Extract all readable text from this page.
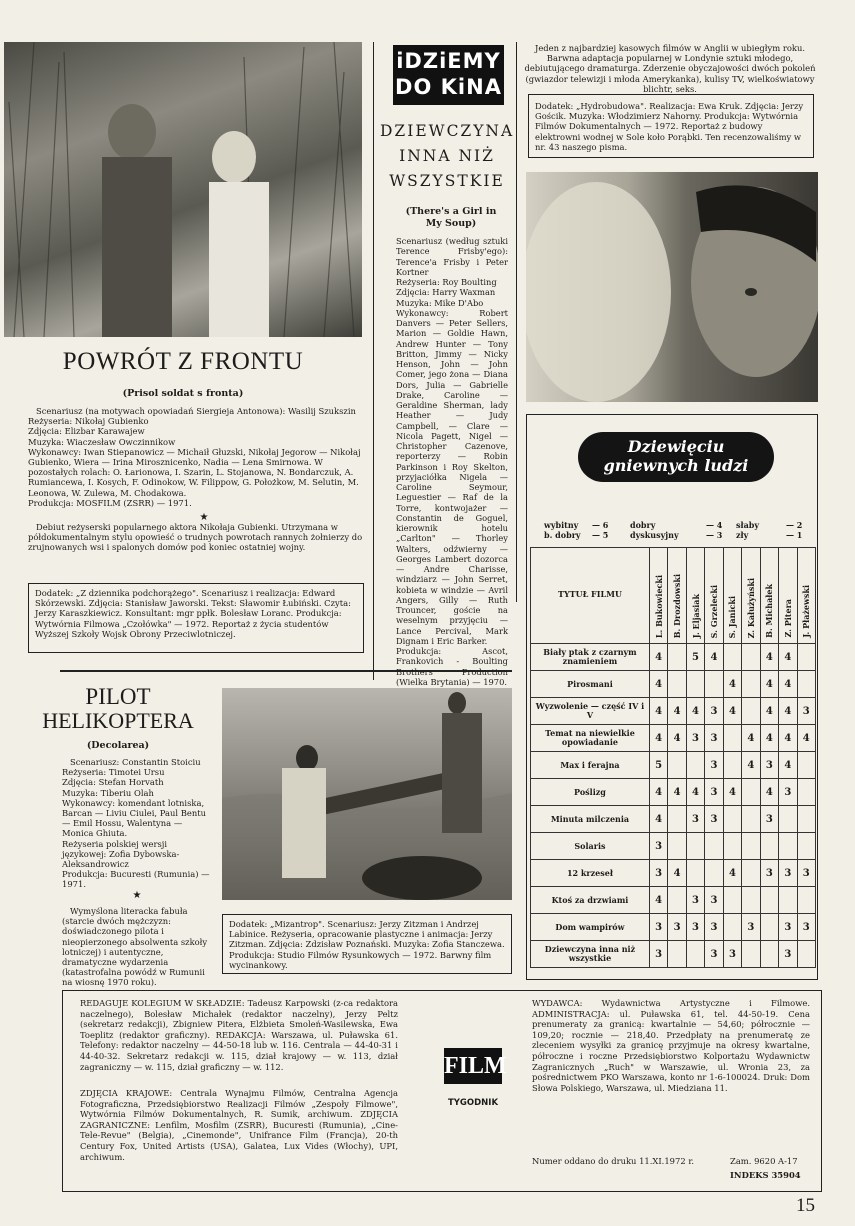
POWRÓT Z FRONTU
(Prisol soldat s fronta)
Scenariusz (na motywach opowiadań Siergieja Antonowa): Wasilij Szukszin
Reżyseria: Nikołaj Gubienko
Zdjęcia: Elizbar Karawajew
Muzyka: Wiaczesław Owczinnikow
Wykonawcy: Iwan Stiepanowicz — Michaił Głuzski, Nikołaj Jegorow — Nikołaj Gubienko, Wiera — Irina Mirosznicenko, Nadia — Lena Smirnowa. W pozostałych rolach: O. Łarionowa, I. Szarin, L. Stojanowa, N. Bondarczuk, A. Rumiancewa, I. Kosych, F. Odinokow, W. Filippow, G. Położkow, M. Selutin, M. Leonowa, W. Zulewa, M. Chodakowa.
Produkcja: MOSFILM (ZSRR) — 1971.
★
Debiut reżyserski popularnego aktora Nikołaja Gubienki. Utrzymana w półdokumentalnym stylu opowieść o trudnych powrotach rannych żołnierzy do zrujnowanych wsi i spalonych domów pod koniec ostatniej wojny.
Dodatek: „Z dziennika podchorążego". Scenariusz i realizacja: Edward Skórzewski. Zdjęcia: Stanisław Jaworski. Tekst: Sławomir Łubiński. Czyta: Jerzy Karaszkiewicz. Konsultant: mgr ppłk. Bolesław Loranc. Produkcja: Wytwórnia Filmowa „Czołówka" — 1972. Reportaż z życia studentów Wyższej Szkoły Wojsk Obrony Przeciwlotniczej.
PILOT
HELIKOPTERA
(Decolarea)
Scenariusz: Constantin Stoiciu
Reżyseria: Timotei Ursu
Zdjęcia: Stefan Horvath
Muzyka: Tiberiu Olah
Wykonawcy: komendant lotniska, Barcan — Liviu Ciulei, Paul Bentu — Emil Hossu, Walentyna — Monica Ghiuta.
Reżyseria polskiej wersji językowej: Zofia Dybowska-Aleksandrowicz
Produkcja: Bucuresti (Rumunia) — 1971.
★
Wymyślona literacka fabuła (starcie dwóch mężczyzn: doświadczonego pilota i nieopierzonego absolwenta szkoły lotniczej) i autentyczne, dramatyczne wydarzenia (katastrofalna powódź w Rumunii na wiosnę 1970 roku).
Dodatek: „Mizantrop". Scenariusz: Jerzy Zitzman i Andrzej Labinice. Reżyseria, opracowanie plastyczne i animacja: Jerzy Zitzman. Zdjęcia: Zdzisław Poznański. Muzyka: Zofia Stanczewa. Produkcja: Studio Filmów Rysunkowych — 1972. Barwny film wycinankowy.
iDZiEMY
DO KiNA
DZIEWCZYNA
INNA NIŻ
WSZYSTKIE
(There's a Girl in My Soup)
Scenariusz (według sztuki Terence Frisby'ego): Terence'a Frisby i Peter Kortner
Reżyseria: Roy Boulting
Zdjęcia: Harry Waxman
Muzyka: Mike D'Abo
Wykonawcy: Robert Danvers — Peter Sellers, Marion — Goldie Hawn, Andrew Hunter — Tony Britton, Jimmy — Nicky Henson, John — John Comer, jego żona — Diana Dors, Julia — Gabrielle Drake, Caroline — Geraldine Sherman, lady Heather — Judy Campbell, — Clare — Nicola Pagett, Nigel — Christopher Cazenove, reporterzy — Robin Parkinson i Roy Skelton, przyjaciółka Nigela — Caroline Seymour, Leguestier — Raf de la Torre, kontwojażer — Constantin de Goguel, kierownik hotelu „Carlton" — Thorley Walters, odźwierny — Georges Lambert dozorca — Andre Charisse, windziarz — John Serret, kobieta w windzie — Avril Angers, Gilly — Ruth Trouncer, goście na weselnym przyjęciu — Lance Percival, Mark Dignam i Eric Barker.
Produkcja: Ascot, Frankovich - Boulting Brothers Production (Wielka Brytania) — 1970.
Jeden z najbardziej kasowych filmów w Anglii w ubiegłym roku. Barwna adaptacja popularnej w Londynie sztuki młodego, debiutującego dramaturga. Zderzenie obyczajowości dwóch pokoleń (gwiazdor telewizji i młoda Amerykanka), kulisy TV, wielkoświatowy blichtr, seks.
Dodatek: „Hydrobudowa". Realizacja: Ewa Kruk. Zdjęcia: Jerzy Gościk. Muzyka: Włodzimierz Nahorny. Produkcja: Wytwórnia Filmów Dokumentalnych — 1972. Reportaż z budowy elektrowni wodnej w Sole koło Porąbki. Ten recenzowaliśmy w nr. 43 naszego pisma.
Dziewięciu
gniewnych ludzi
wybitny	— 6	dobry	— 4	słaby	— 2
b. dobry	— 5	dyskusyjny	— 3	zły	— 1
TYTUŁ FILMU	L. Bukowiecki	B. Drozdowski	J. Eljasiak	S. Grzelecki	S. Janicki	Z. Kałużyński	B. Michałek	Z. Pitera	J. Płażewski
Biały ptak z czarnym znamieniem	4		5	4			4	4	
Pirosmani	4				4		4	4	
Wyzwolenie — część IV i V	4	4	4	3	4		4	4	3
Temat na niewielkie opowiadanie	4	4	3	3		4	4	4	4
Max i ferajna	5			3		4	3	4	
Poślizg	4	4	4	3	4		4	3	
Minuta milczenia	4		3	3			3		
Solaris	3								
12 krzeseł	3	4			4		3	3	3
Ktoś za drzwiami	4		3	3					
Dom wampirów	3	3	3	3		3		3	3
Dziewczyna inna niż wszystkie	3			3	3			3	
REDAGUJE KOLEGIUM W SKŁADZIE: Tadeusz Karpowski (z-ca redaktora naczelnego), Bolesław Michałek (redaktor naczelny), Jerzy Peltz (sekretarz redakcji), Zbigniew Pitera, Elżbieta Smoleń-Wasilewska, Ewa Toeplitz (redaktor graficzny). REDAKCJA: Warszawa, ul. Puławska 61. Telefony: redaktor naczelny — 44-50-18 lub w. 116. Centrala — 44-40-31 i 44-40-32. Sekretarz redakcji w. 115, dział krajowy — w. 113, dział zagraniczny — w. 115, dział graficzny — w. 112.
ZDJĘCIA KRAJOWE: Centrala Wynajmu Filmów, Centralna Agencja Fotograficzna, Przedsiębiorstwo Realizacji Filmów „Zespoły Filmowe", Wytwórnia Filmów Dokumentalnych, R. Sumik, archiwum. ZDJĘCIA ZAGRANICZNE: Lenfilm, Mosfilm (ZSRR), Bucuresti (Rumunia), „Cine-Tele-Revue" (Belgia), „Cinemonde", Unifrance Film (Francja), 20-th Century Fox, United Artists (USA), Galatea, Lux Vides (Włochy), UPI, archiwum.
FILM
TYGODNIK
WYDAWCA: Wydawnictwa Artystyczne i Filmowe. ADMINISTRACJA: ul. Puławska 61, tel. 44-50-19. Cena prenumeraty za granicą: kwartalnie — 54,60; półrocznie — 109,20; rocznie — 218,40. Przedpłaty na prenumeratę ze zleceniem wysyłki za granicę przyjmuje na okresy kwartalne, półroczne i roczne Przedsiębiorstwo Kolportażu Wydawnictw Zagranicznych „Ruch" w Warszawie, ul. Wronia 23, za pośrednictwem PKO Warszawa, konto nr 1-6-100024. Druk: Dom Słowa Polskiego, Warszawa, ul. Miedziana 11.
Numer oddano do druku 11.XI.1972 r.	Zam. 9620 A-17
INDEKS 35904
15
